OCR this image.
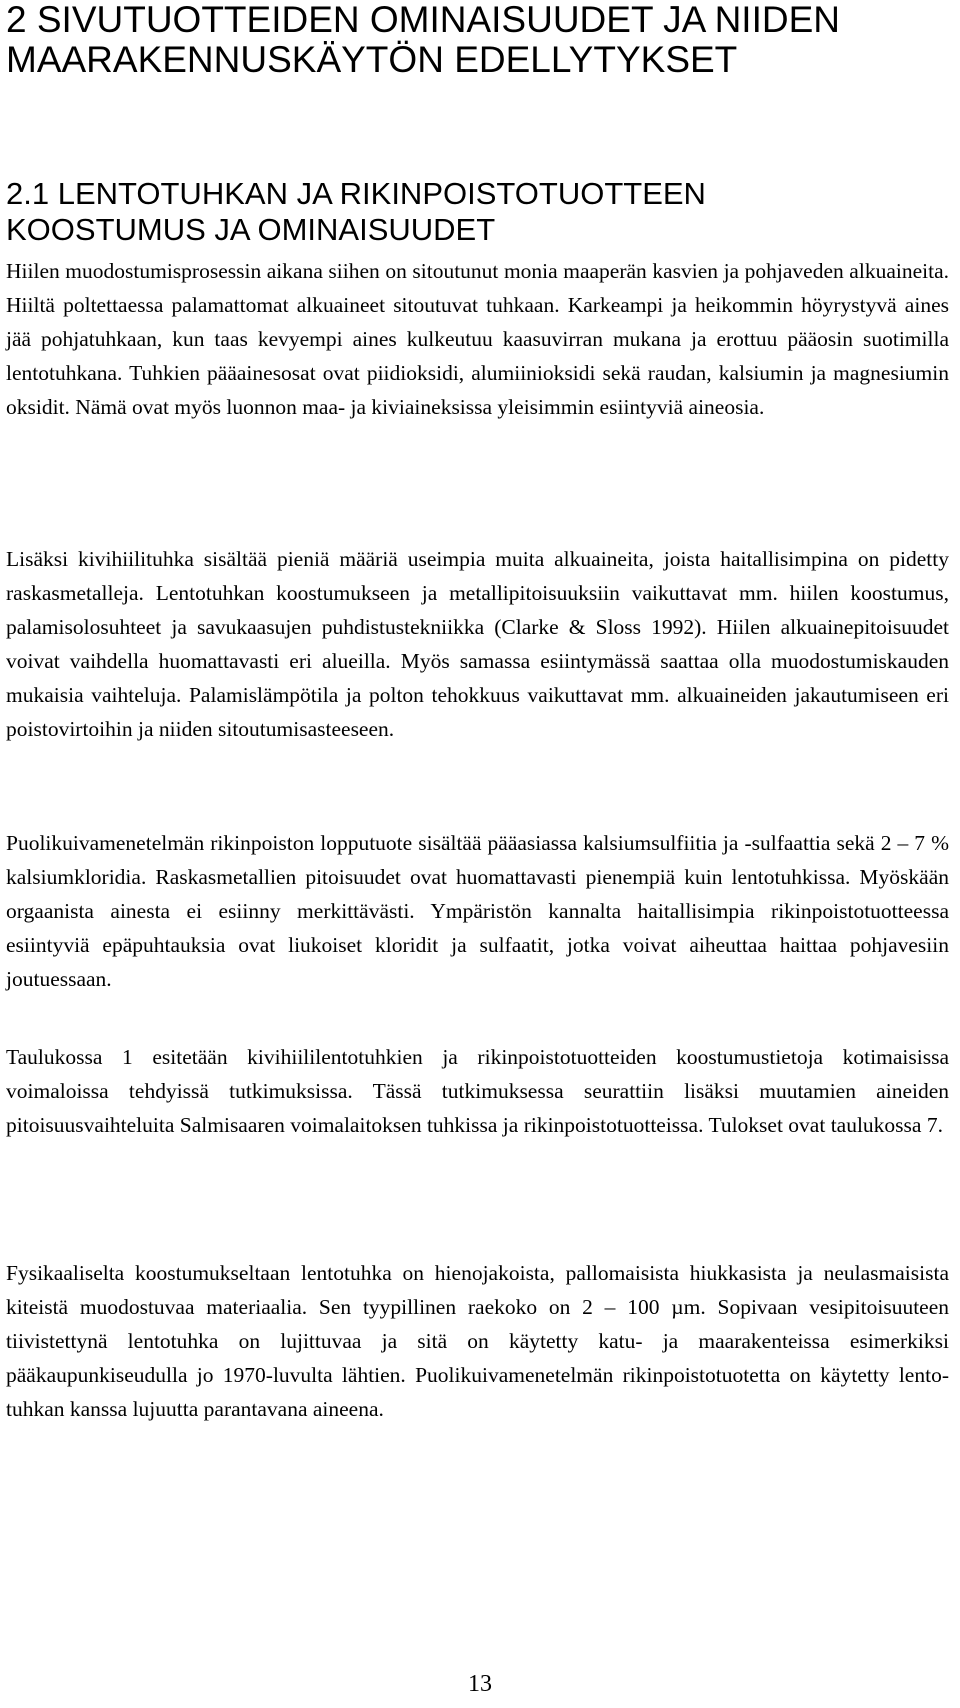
2 SIVUTUOTTEIDEN OMINAISUUDET JA NIIDEN MAARAKENNUSKÄYTÖN EDELLYTYKSET
2.1 LENTOTUHKAN JA RIKINPOISTOTUOTTEEN KOOSTUMUS JA OMINAISUUDET

Hiilen muodostumisprosessin aikana siihen on sitoutunut monia maaperän kasvien ja pohjaveden alkuaineita. Hiiltä poltettaessa palamattomat alkuaineet sitoutuvat tuhkaan. Karkeampi ja heikommin höyrystyvä aines jää pohjatuhkaan, kun taas kevyempi aines kulkeutuu kaasuvirran mukana ja erottuu pääosin suotimilla lentotuhkana. Tuhkien pääainesosat ovat piidioksidi, alumiinioksidi sekä raudan, kalsiumin ja magnesiumin oksidit. Nämä ovat myös luonnon maa- ja kiviaineksissa yleisimmin esiintyviä aineosia.

Lisäksi kivihiilituhka sisältää pieniä määriä useimpia muita alkuaineita, joista haitallisimpina on pidetty raskasmetalleja. Lentotuhkan koostumukseen ja metallipitoisuuksiin vaikuttavat mm. hiilen koostumus, palamisolosuhteet ja savukaasujen puhdistustekniikka (Clarke & Sloss 1992). Hiilen alkuainepitoisuudet voivat vaihdella huomattavasti eri alueilla. Myös samassa esiintymässä saattaa olla muodostumiskauden mukaisia vaihteluja. Palamislämpötila ja polton tehokkuus vaikuttavat mm. alkuaineiden jakautumiseen eri poistovirtoihin ja niiden sitoutumisasteeseen.

Puolikuivamenetelmän rikinpoiston lopputuote sisältää pääasiassa kalsiumsulfiitia ja -sulfaattia sekä 2 – 7 % kalsiumkloridia. Raskasmetallien pitoisuudet ovat huomattavasti pienempiä kuin lentotuhkissa. Myöskään orgaanista ainesta ei esiinny merkittävästi. Ympäristön kannalta haitallisimpia rikinpoistotuotteessa esiintyviä epäpuhtauksia ovat liukoiset kloridit ja sulfaatit, jotka voivat aiheuttaa haittaa pohjavesiin joutuessaan.

Taulukossa 1 esitetään kivihiililentotuhkien ja rikinpoistotuotteiden koostumustietoja kotimaisissa voimaloissa tehdyissä tutkimuksissa. Tässä tutkimuksessa seurattiin lisäksi muutamien aineiden pitoisuusvaihteluita Salmisaaren voimalaitoksen tuhkissa ja rikinpoistotuotteissa. Tulokset ovat taulukossa 7.

Fysikaaliselta koostumukseltaan lentotuhka on hienojakoista, pallomaisista hiukkasista ja neulasmaisista kiteistä muodostuvaa materiaalia. Sen tyypillinen raekoko on 2 – 100 µm. Sopivaan vesipitoisuuteen tiivistettynä lentotuhka on lujittuvaa ja sitä on käytetty katu- ja maarakenteissa esimerkiksi pääkaupunkiseudulla jo 1970-luvulta lähtien. Puolikuivamenetelmän rikinpoistotuotetta on käytetty lentotuhkan kanssa lujuutta parantavana aineena.

13
